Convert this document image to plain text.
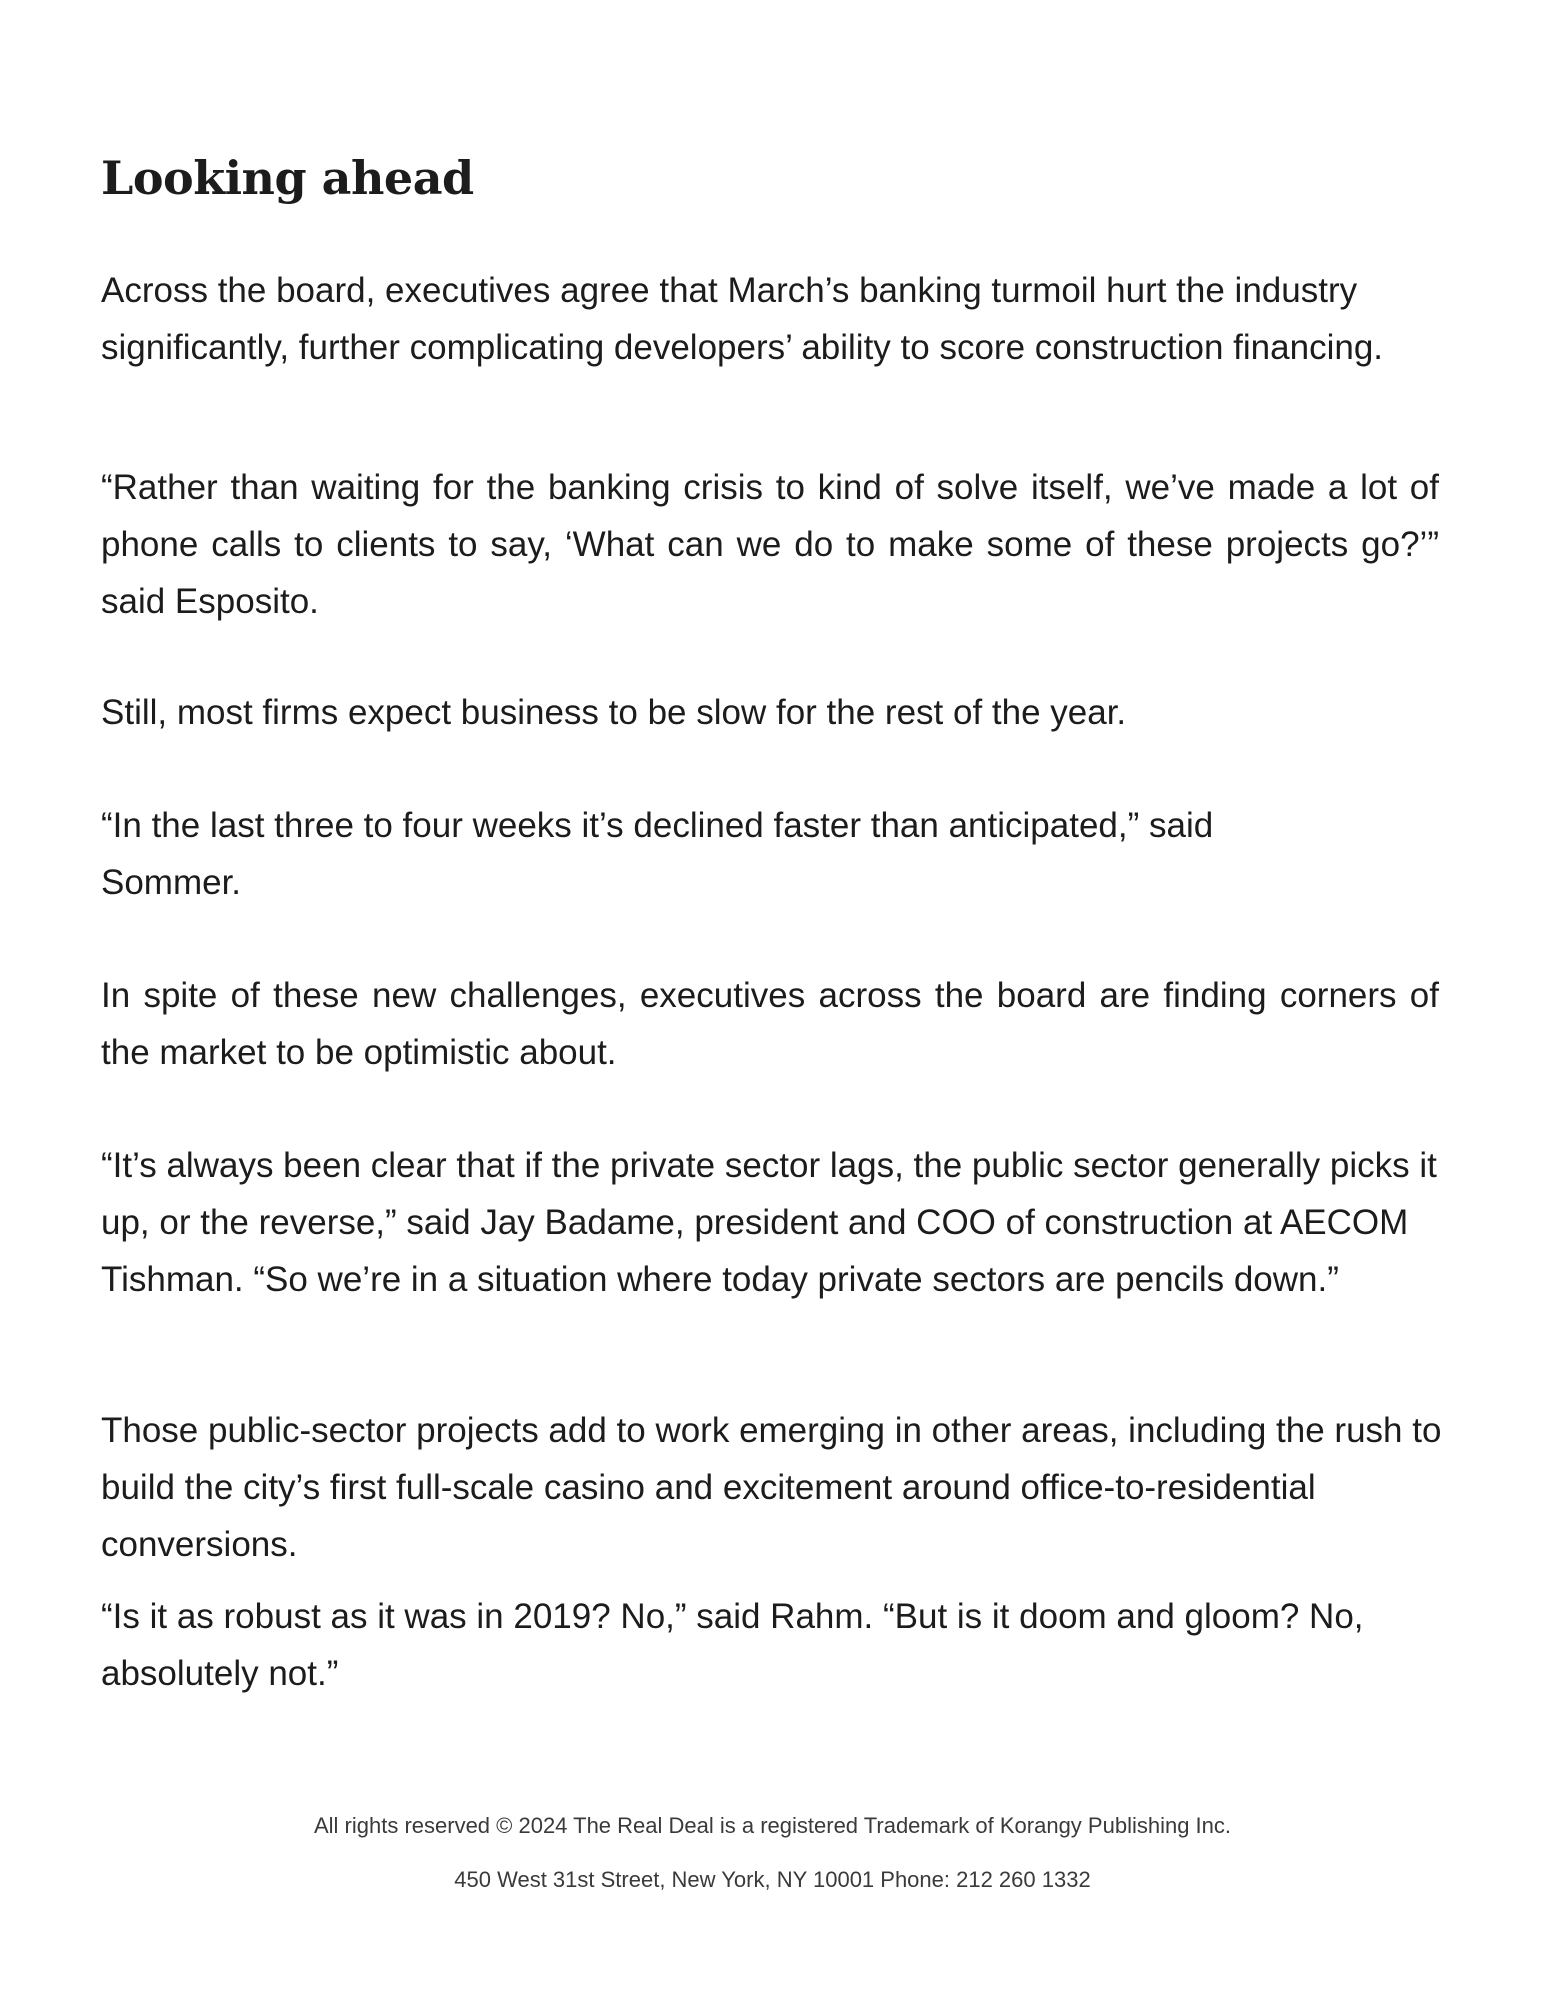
Looking ahead

Across the board, executives agree that March’s banking turmoil hurt the industry significantly, further complicating developers’ ability to score construction financing.

“Rather than waiting for the banking crisis to kind of solve itself, we’ve made a lot of phone calls to clients to say, ‘What can we do to make some of these projects go?’” said Esposito.

Still, most firms expect business to be slow for the rest of the year.

“In the last three to four weeks it’s declined faster than anticipated,” said Sommer.

In spite of these new challenges, executives across the board are finding corners of the market to be optimistic about.

“It’s always been clear that if the private sector lags, the public sector generally picks it up, or the reverse,” said Jay Badame, president and COO of construction at AECOM Tishman. “So we’re in a situation where today private sectors are pencils down.”

Those public-sector projects add to work emerging in other areas, including the rush to build the city’s first full-scale casino and excitement around office-to-residential conversions.

“Is it as robust as it was in 2019? No,” said Rahm. “But is it doom and gloom? No, absolutely not.”

All rights reserved © 2024 The Real Deal is a registered Trademark of Korangy Publishing Inc.

450 West 31st Street, New York, NY 10001 Phone: 212 260 1332
